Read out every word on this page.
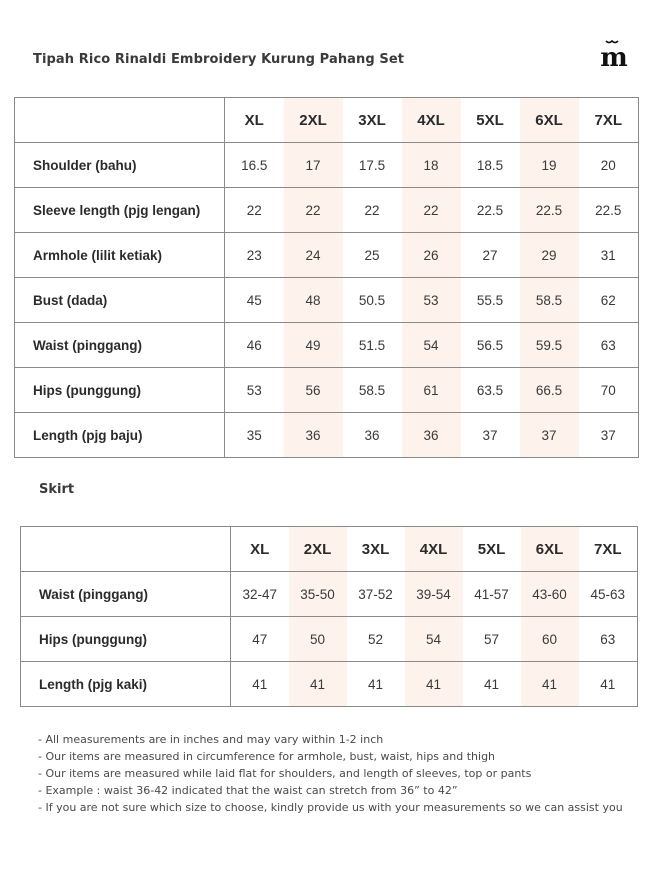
Tipah Rico Rinaldi Embroidery Kurung Pahang Set	m
	XL	2XL	3XL	4XL	5XL	6XL	7XL
Shoulder (bahu)	16.5	17	17.5	18	18.5	19	20
Sleeve length (pjg lengan)	22	22	22	22	22.5	22.5	22.5
Armhole (lilit ketiak)	23	24	25	26	27	29	31
Bust (dada)	45	48	50.5	53	55.5	58.5	62
Waist (pinggang)	46	49	51.5	54	56.5	59.5	63
Hips (punggung)	53	56	58.5	61	63.5	66.5	70
Length (pjg baju)	35	36	36	36	37	37	37
Skirt
	XL	2XL	3XL	4XL	5XL	6XL	7XL
Waist (pinggang)	32-47	35-50	37-52	39-54	41-57	43-60	45-63
Hips (punggung)	47	50	52	54	57	60	63
Length (pjg kaki)	41	41	41	41	41	41	41
- All measurements are in inches and may vary within 1-2 inch
- Our items are measured in circumference for armhole, bust, waist, hips and thigh
- Our items are measured while laid flat for shoulders, and length of sleeves, top or pants
- Example : waist 36-42 indicated that the waist can stretch from 36” to 42”
- If you are not sure which size to choose, kindly provide us with your measurements so we can assist you
